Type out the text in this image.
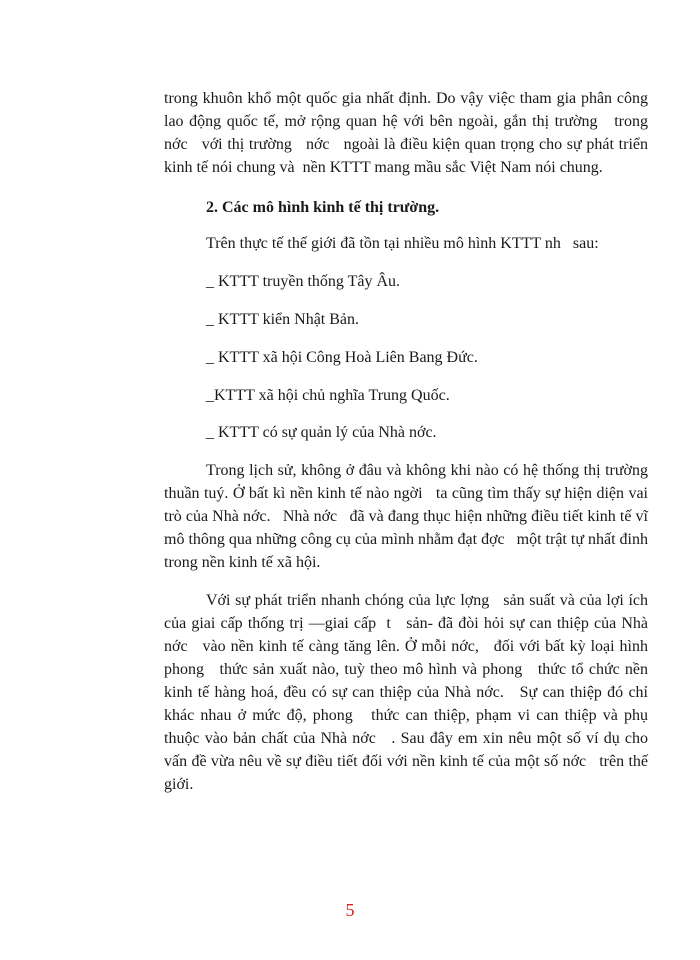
trong khuôn khổ một quốc gia nhất định. Do vậy việc tham gia phân công
lao động quốc tế, mở rộng quan hệ với bên ngoài, gắn thị trường   trong
nớc   với thị trường   nớc   ngoài là điều kiện quan trọng cho sự phát triển
kinh tế nói chung và  nền KTTT mang mầu sắc Việt Nam nói chung.
2. Các mô hình kinh tế thị trường.
Trên thực tế thế giới đã tồn tại nhiều mô hình KTTT nh   sau:
_ KTTT truyền thống Tây Âu.
_ KTTT kiển Nhật Bản.
_ KTTT xã hội Công Hoà Liên Bang Đức.
_KTTT xã hội chủ nghĩa Trung Quốc.
_ KTTT có sự quản lý của Nhà nớc.
Trong lịch sử, không ở đâu và không khi nào có hệ thống thị trường
thuần tuý. Ở bất kì nền kinh tế nào ngời   ta cũng tìm thấy sự hiện diện vai
trò của Nhà nớc.   Nhà nớc   đã và đang thục hiện những điều tiết kinh tế vĩ
mô thông qua những công cụ của mình nhằm đạt đợc   một trật tự nhất đinh
trong nền kinh tế xã hội.
Với sự phát triển nhanh chóng của lực lợng   sản suất và của lợi ích
của giai cấp thống trị —giai cấp  t   sản- đã đòi hỏi sự can thiệp của Nhà
nớc   vào nền kinh tế càng tăng lên. Ở mỗi nớc,   đối với bất kỳ loại hình
phong   thức sản xuất nào, tuỳ theo mô hình và phong   thức tổ chức nền
kinh tế hàng hoá, đều có sự can thiệp của Nhà nớc.   Sự can thiệp đó chỉ
khác nhau ở mức độ, phong   thức can thiệp, phạm vi can thiệp và phụ
thuộc vào bản chất của Nhà nớc   . Sau đây em xin nêu một số ví dụ cho
vấn đề vừa nêu về sự điều tiết đối với nền kinh tế của một số nớc   trên thế
giới.
5
